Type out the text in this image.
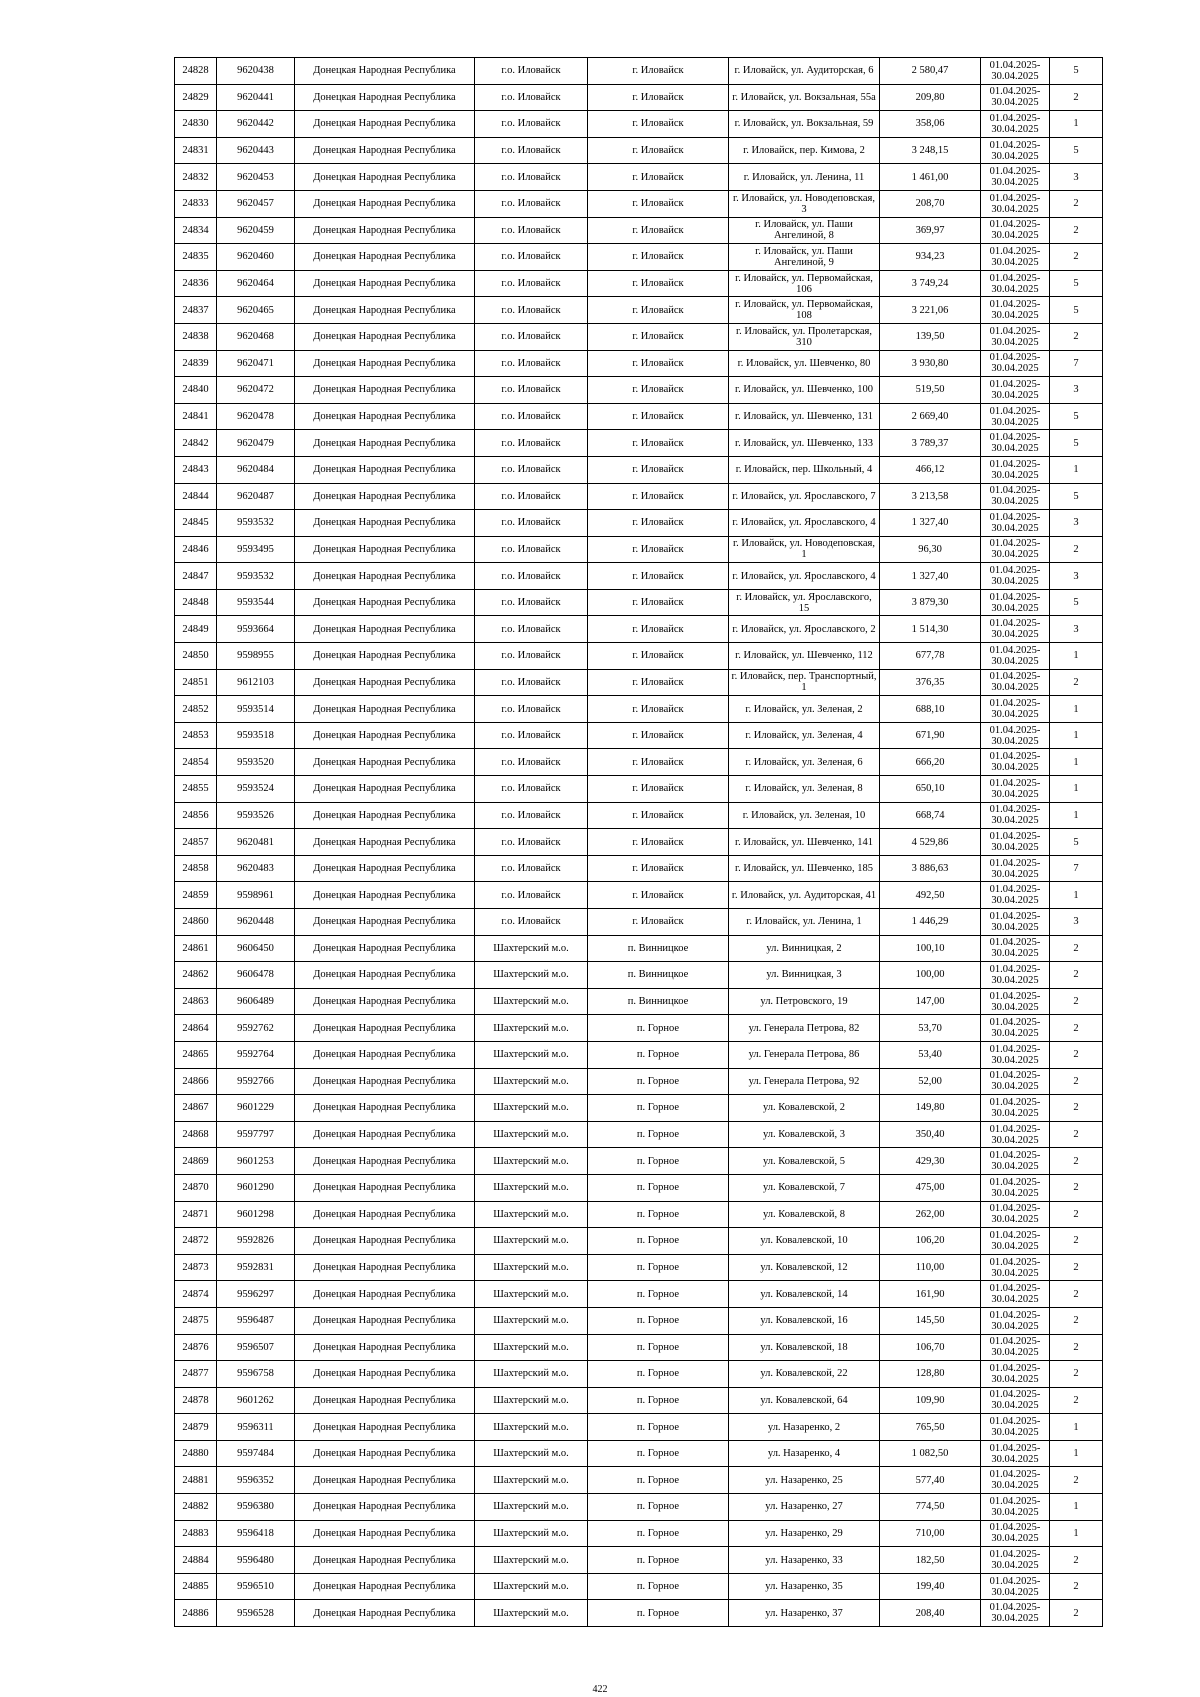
24828	9620438	Донецкая Народная Республика	г.о. Иловайск	г. Иловайск	г. Иловайск, ул. Аудиторская, 6	2 580,47	01.04.2025-30.04.2025	5
24829	9620441	Донецкая Народная Республика	г.о. Иловайск	г. Иловайск	г. Иловайск, ул. Вокзальная, 55а	209,80	01.04.2025-30.04.2025	2
24830	9620442	Донецкая Народная Республика	г.о. Иловайск	г. Иловайск	г. Иловайск, ул. Вокзальная, 59	358,06	01.04.2025-30.04.2025	1
24831	9620443	Донецкая Народная Республика	г.о. Иловайск	г. Иловайск	г. Иловайск, пер. Кимова, 2	3 248,15	01.04.2025-30.04.2025	5
24832	9620453	Донецкая Народная Республика	г.о. Иловайск	г. Иловайск	г. Иловайск, ул. Ленина, 11	1 461,00	01.04.2025-30.04.2025	3
24833	9620457	Донецкая Народная Республика	г.о. Иловайск	г. Иловайск	г. Иловайск, ул. Новодеповская, 3	208,70	01.04.2025-30.04.2025	2
24834	9620459	Донецкая Народная Республика	г.о. Иловайск	г. Иловайск	г. Иловайск, ул. Паши Ангелиной, 8	369,97	01.04.2025-30.04.2025	2
24835	9620460	Донецкая Народная Республика	г.о. Иловайск	г. Иловайск	г. Иловайск, ул. Паши Ангелиной, 9	934,23	01.04.2025-30.04.2025	2
24836	9620464	Донецкая Народная Республика	г.о. Иловайск	г. Иловайск	г. Иловайск, ул. Первомайская, 106	3 749,24	01.04.2025-30.04.2025	5
24837	9620465	Донецкая Народная Республика	г.о. Иловайск	г. Иловайск	г. Иловайск, ул. Первомайская, 108	3 221,06	01.04.2025-30.04.2025	5
24838	9620468	Донецкая Народная Республика	г.о. Иловайск	г. Иловайск	г. Иловайск, ул. Пролетарская, 310	139,50	01.04.2025-30.04.2025	2
24839	9620471	Донецкая Народная Республика	г.о. Иловайск	г. Иловайск	г. Иловайск, ул. Шевченко, 80	3 930,80	01.04.2025-30.04.2025	7
24840	9620472	Донецкая Народная Республика	г.о. Иловайск	г. Иловайск	г. Иловайск, ул. Шевченко, 100	519,50	01.04.2025-30.04.2025	3
24841	9620478	Донецкая Народная Республика	г.о. Иловайск	г. Иловайск	г. Иловайск, ул. Шевченко, 131	2 669,40	01.04.2025-30.04.2025	5
24842	9620479	Донецкая Народная Республика	г.о. Иловайск	г. Иловайск	г. Иловайск, ул. Шевченко, 133	3 789,37	01.04.2025-30.04.2025	5
24843	9620484	Донецкая Народная Республика	г.о. Иловайск	г. Иловайск	г. Иловайск, пер. Школьный, 4	466,12	01.04.2025-30.04.2025	1
24844	9620487	Донецкая Народная Республика	г.о. Иловайск	г. Иловайск	г. Иловайск, ул. Ярославского, 7	3 213,58	01.04.2025-30.04.2025	5
24845	9593532	Донецкая Народная Республика	г.о. Иловайск	г. Иловайск	г. Иловайск, ул. Ярославского, 4	1 327,40	01.04.2025-30.04.2025	3
24846	9593495	Донецкая Народная Республика	г.о. Иловайск	г. Иловайск	г. Иловайск, ул. Новодеповская, 1	96,30	01.04.2025-30.04.2025	2
24847	9593532	Донецкая Народная Республика	г.о. Иловайск	г. Иловайск	г. Иловайск, ул. Ярославского, 4	1 327,40	01.04.2025-30.04.2025	3
24848	9593544	Донецкая Народная Республика	г.о. Иловайск	г. Иловайск	г. Иловайск, ул. Ярославского, 15	3 879,30	01.04.2025-30.04.2025	5
24849	9593664	Донецкая Народная Республика	г.о. Иловайск	г. Иловайск	г. Иловайск, ул. Ярославского, 2	1 514,30	01.04.2025-30.04.2025	3
24850	9598955	Донецкая Народная Республика	г.о. Иловайск	г. Иловайск	г. Иловайск, ул. Шевченко, 112	677,78	01.04.2025-30.04.2025	1
24851	9612103	Донецкая Народная Республика	г.о. Иловайск	г. Иловайск	г. Иловайск, пер. Транспортный, 1	376,35	01.04.2025-30.04.2025	2
24852	9593514	Донецкая Народная Республика	г.о. Иловайск	г. Иловайск	г. Иловайск, ул. Зеленая, 2	688,10	01.04.2025-30.04.2025	1
24853	9593518	Донецкая Народная Республика	г.о. Иловайск	г. Иловайск	г. Иловайск, ул. Зеленая, 4	671,90	01.04.2025-30.04.2025	1
24854	9593520	Донецкая Народная Республика	г.о. Иловайск	г. Иловайск	г. Иловайск, ул. Зеленая, 6	666,20	01.04.2025-30.04.2025	1
24855	9593524	Донецкая Народная Республика	г.о. Иловайск	г. Иловайск	г. Иловайск, ул. Зеленая, 8	650,10	01.04.2025-30.04.2025	1
24856	9593526	Донецкая Народная Республика	г.о. Иловайск	г. Иловайск	г. Иловайск, ул. Зеленая, 10	668,74	01.04.2025-30.04.2025	1
24857	9620481	Донецкая Народная Республика	г.о. Иловайск	г. Иловайск	г. Иловайск, ул. Шевченко, 141	4 529,86	01.04.2025-30.04.2025	5
24858	9620483	Донецкая Народная Республика	г.о. Иловайск	г. Иловайск	г. Иловайск, ул. Шевченко, 185	3 886,63	01.04.2025-30.04.2025	7
24859	9598961	Донецкая Народная Республика	г.о. Иловайск	г. Иловайск	г. Иловайск, ул. Аудиторская, 41	492,50	01.04.2025-30.04.2025	1
24860	9620448	Донецкая Народная Республика	г.о. Иловайск	г. Иловайск	г. Иловайск, ул. Ленина, 1	1 446,29	01.04.2025-30.04.2025	3
24861	9606450	Донецкая Народная Республика	Шахтерский м.о.	п. Винницкое	ул. Винницкая, 2	100,10	01.04.2025-30.04.2025	2
24862	9606478	Донецкая Народная Республика	Шахтерский м.о.	п. Винницкое	ул. Винницкая, 3	100,00	01.04.2025-30.04.2025	2
24863	9606489	Донецкая Народная Республика	Шахтерский м.о.	п. Винницкое	ул. Петровского, 19	147,00	01.04.2025-30.04.2025	2
24864	9592762	Донецкая Народная Республика	Шахтерский м.о.	п. Горное	ул. Генерала Петрова, 82	53,70	01.04.2025-30.04.2025	2
24865	9592764	Донецкая Народная Республика	Шахтерский м.о.	п. Горное	ул. Генерала Петрова, 86	53,40	01.04.2025-30.04.2025	2
24866	9592766	Донецкая Народная Республика	Шахтерский м.о.	п. Горное	ул. Генерала Петрова, 92	52,00	01.04.2025-30.04.2025	2
24867	9601229	Донецкая Народная Республика	Шахтерский м.о.	п. Горное	ул. Ковалевской, 2	149,80	01.04.2025-30.04.2025	2
24868	9597797	Донецкая Народная Республика	Шахтерский м.о.	п. Горное	ул. Ковалевской, 3	350,40	01.04.2025-30.04.2025	2
24869	9601253	Донецкая Народная Республика	Шахтерский м.о.	п. Горное	ул. Ковалевской, 5	429,30	01.04.2025-30.04.2025	2
24870	9601290	Донецкая Народная Республика	Шахтерский м.о.	п. Горное	ул. Ковалевской, 7	475,00	01.04.2025-30.04.2025	2
24871	9601298	Донецкая Народная Республика	Шахтерский м.о.	п. Горное	ул. Ковалевской, 8	262,00	01.04.2025-30.04.2025	2
24872	9592826	Донецкая Народная Республика	Шахтерский м.о.	п. Горное	ул. Ковалевской, 10	106,20	01.04.2025-30.04.2025	2
24873	9592831	Донецкая Народная Республика	Шахтерский м.о.	п. Горное	ул. Ковалевской, 12	110,00	01.04.2025-30.04.2025	2
24874	9596297	Донецкая Народная Республика	Шахтерский м.о.	п. Горное	ул. Ковалевской, 14	161,90	01.04.2025-30.04.2025	2
24875	9596487	Донецкая Народная Республика	Шахтерский м.о.	п. Горное	ул. Ковалевской, 16	145,50	01.04.2025-30.04.2025	2
24876	9596507	Донецкая Народная Республика	Шахтерский м.о.	п. Горное	ул. Ковалевской, 18	106,70	01.04.2025-30.04.2025	2
24877	9596758	Донецкая Народная Республика	Шахтерский м.о.	п. Горное	ул. Ковалевской, 22	128,80	01.04.2025-30.04.2025	2
24878	9601262	Донецкая Народная Республика	Шахтерский м.о.	п. Горное	ул. Ковалевской, 64	109,90	01.04.2025-30.04.2025	2
24879	9596311	Донецкая Народная Республика	Шахтерский м.о.	п. Горное	ул. Назаренко, 2	765,50	01.04.2025-30.04.2025	1
24880	9597484	Донецкая Народная Республика	Шахтерский м.о.	п. Горное	ул. Назаренко, 4	1 082,50	01.04.2025-30.04.2025	1
24881	9596352	Донецкая Народная Республика	Шахтерский м.о.	п. Горное	ул. Назаренко, 25	577,40	01.04.2025-30.04.2025	2
24882	9596380	Донецкая Народная Республика	Шахтерский м.о.	п. Горное	ул. Назаренко, 27	774,50	01.04.2025-30.04.2025	1
24883	9596418	Донецкая Народная Республика	Шахтерский м.о.	п. Горное	ул. Назаренко, 29	710,00	01.04.2025-30.04.2025	1
24884	9596480	Донецкая Народная Республика	Шахтерский м.о.	п. Горное	ул. Назаренко, 33	182,50	01.04.2025-30.04.2025	2
24885	9596510	Донецкая Народная Республика	Шахтерский м.о.	п. Горное	ул. Назаренко, 35	199,40	01.04.2025-30.04.2025	2
24886	9596528	Донецкая Народная Республика	Шахтерский м.о.	п. Горное	ул. Назаренко, 37	208,40	01.04.2025-30.04.2025	2
422
